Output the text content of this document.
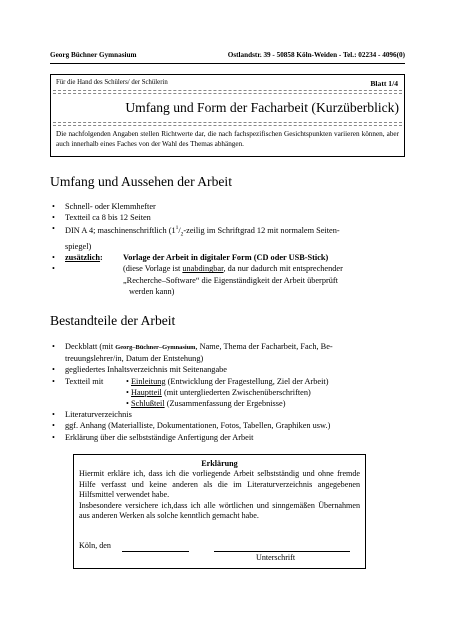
Georg Büchner Gymnasium	Ostlandstr. 39 - 50858 Köln-Weiden - Tel.: 02234 - 4096(0)
Für die Hand des Schülers/ der Schülerin	Blatt 1/4
Umfang und Form der Facharbeit (Kurzüberblick)
Die nachfolgenden Angaben stellen Richtwerte dar, die nach fachspezifischen Gesichtspunkten variieren können, aber auch innerhalb eines Faches von der Wahl des Themas abhängen.
Umfang und Aussehen der Arbeit
• Schnell- oder Klemmhefter
• Textteil ca 8 bis 12 Seiten
• DIN A 4; maschinenschriftlich ($1^1/_2$-zeilig im Schriftgrad 12 mit normalem Seiten-
spiegel)
• zusätzlich: Vorlage der Arbeit in digitaler Form (CD oder USB-Stick)
•	(diese Vorlage ist unabdingbar, da nur dadurch mit entsprechender
„Recherche–Software“ die Eigenständigkeit der Arbeit überprüft
werden kann)
Bestandteile der Arbeit
• Deckblatt (mit Georg–Büchner–Gymnasium, Name, Thema der Facharbeit, Fach, Be-
treuungslehrer/in, Datum der Entstehung)
• gegliedertes Inhaltsverzeichnis mit Seitenangabe
• Textteil mit	• Einleitung (Entwicklung der Fragestellung, Ziel der Arbeit)
• Hauptteil (mit untergliederten Zwischenüberschriften)
• Schlußteil (Zusammenfassung der Ergebnisse)
• Literaturverzeichnis
• ggf. Anhang (Materialliste, Dokumentationen, Fotos, Tabellen, Graphiken usw.)
• Erklärung über die selbstständige Anfertigung der Arbeit
Erklärung
Hiermit erkläre ich, dass ich die vorliegende Arbeit selbstständig und ohne fremde Hilfe verfasst und keine anderen als die im Literaturverzeichnis angegebenen Hilfsmittel verwendet habe.
Insbesondere versichere ich,dass ich alle wörtlichen und sinngemäßen Übernahmen aus anderen Werken als solche kenntlich gemacht habe.
Köln, den
Unterschrift
